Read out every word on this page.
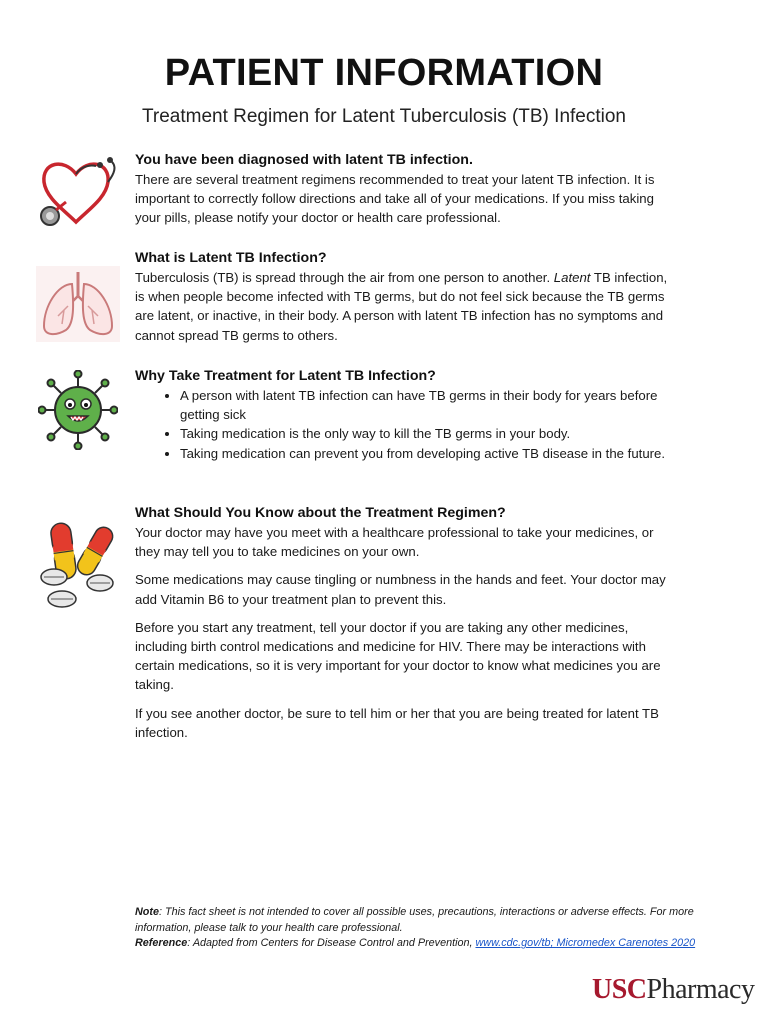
PATIENT INFORMATION
Treatment Regimen for Latent Tuberculosis (TB) Infection
You have been diagnosed with latent TB infection.

There are several treatment regimens recommended to treat your latent TB infection. It is important to correctly follow directions and take all of your medications. If you miss taking your pills, please notify your doctor or health care professional.

What is Latent TB Infection?

Tuberculosis (TB) is spread through the air from one person to another. Latent TB infection, is when people become infected with TB germs, but do not feel sick because the TB germs are latent, or inactive, in their body. A person with latent TB infection has no symptoms and cannot spread TB germs to others.

Why Take Treatment for Latent TB Infection?
• A person with latent TB infection can have TB germs in their body for years before getting sick
• Taking medication is the only way to kill the TB germs in your body.
• Taking medication can prevent you from developing active TB disease in the future.
What Should You Know about the Treatment Regimen?

Your doctor may have you meet with a healthcare professional to take your medicines, or they may tell you to take medicines on your own.

Some medications may cause tingling or numbness in the hands and feet. Your doctor may add Vitamin B6 to your treatment plan to prevent this.

Before you start any treatment, tell your doctor if you are taking any other medicines, including birth control medications and medicine for HIV. There may be interactions with certain medications, so it is very important for your doctor to know what medicines you are taking.

If you see another doctor, be sure to tell him or her that you are being treated for latent TB infection.

Note: This fact sheet is not intended to cover all possible uses, precautions, interactions or adverse effects. For more information, please talk to your health care professional.
Reference: Adapted from Centers for Disease Control and Prevention, www.cdc.gov/tb; Micromedex Carenotes 2020
USCPharmacy
